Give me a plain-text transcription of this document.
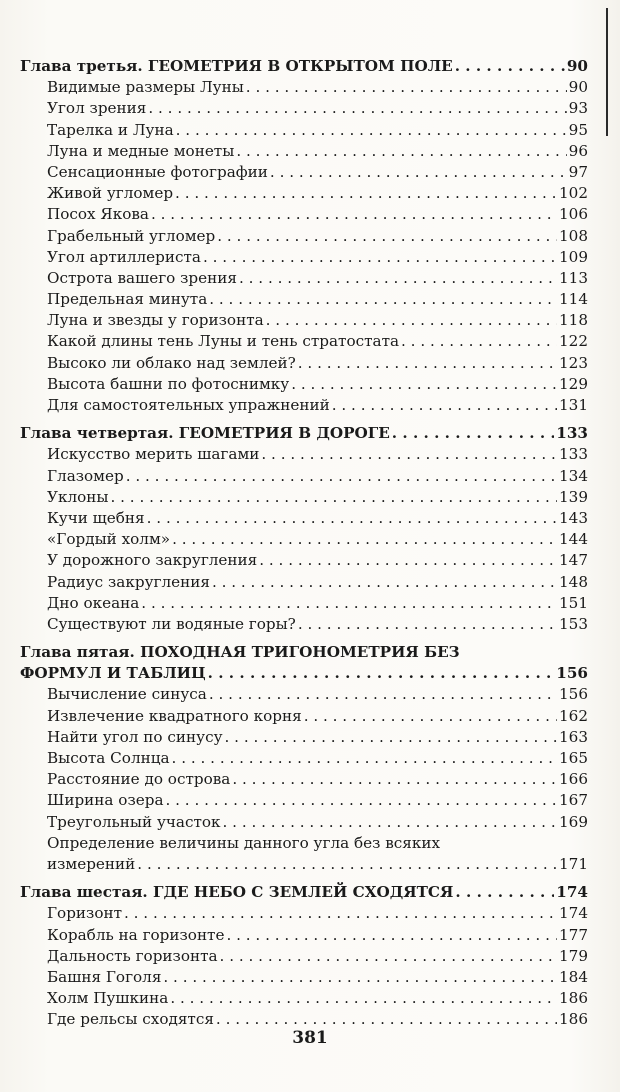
Глава третья. ГЕОМЕТРИЯ В ОТКРЫТОМ ПОЛЕ . . .	90
Видимые размеры Луны . . .	90
Угол зрения . . .	93
Тарелка и Луна . . .	95
Луна и медные монеты . . .	96
Сенсационные фотографии . . .	97
Живой угломер . . .	102
Посох Якова . . .	106
Грабельный угломер . . .	108
Угол артиллериста . . .	109
Острота вашего зрения . . .	113
Предельная минута . . .	114
Луна и звезды у горизонта . . .	118
Какой длины тень Луны и тень стратостата . . .	122
Высоко ли облако над землей? . . .	123
Высота башни по фотоснимку . . .	129
Для самостоятельных упражнений . . .	131
Глава четвертая. ГЕОМЕТРИЯ В ДОРОГЕ . . .	133
Искусство мерить шагами . . .	133
Глазомер . . .	134
Уклоны . . .	139
Кучи щебня . . .	143
«Гордый холм» . . .	144
У дорожного закругления . . .	147
Радиус закругления . . .	148
Дно океана . . .	151
Существуют ли водяные горы? . . .	153
Глава пятая. ПОХОДНАЯ ТРИГОНОМЕТРИЯ БЕЗ
ФОРМУЛ И ТАБЛИЦ . . .	156
Вычисление синуса . . .	156
Извлечение квадратного корня . . .	162
Найти угол по синусу . . .	163
Высота Солнца . . .	165
Расстояние до острова . . .	166
Ширина озера . . .	167
Треугольный участок . . .	169
Определение величины данного угла без всяких
измерений . . .	171
Глава шестая. ГДЕ НЕБО С ЗЕМЛЕЙ СХОДЯТСЯ . . .	174
Горизонт . . .	174
Корабль на горизонте . . .	177
Дальность горизонта . . .	179
Башня Гоголя . . .	184
Холм Пушкина . . .	186
Где рельсы сходятся . . .	186
381
